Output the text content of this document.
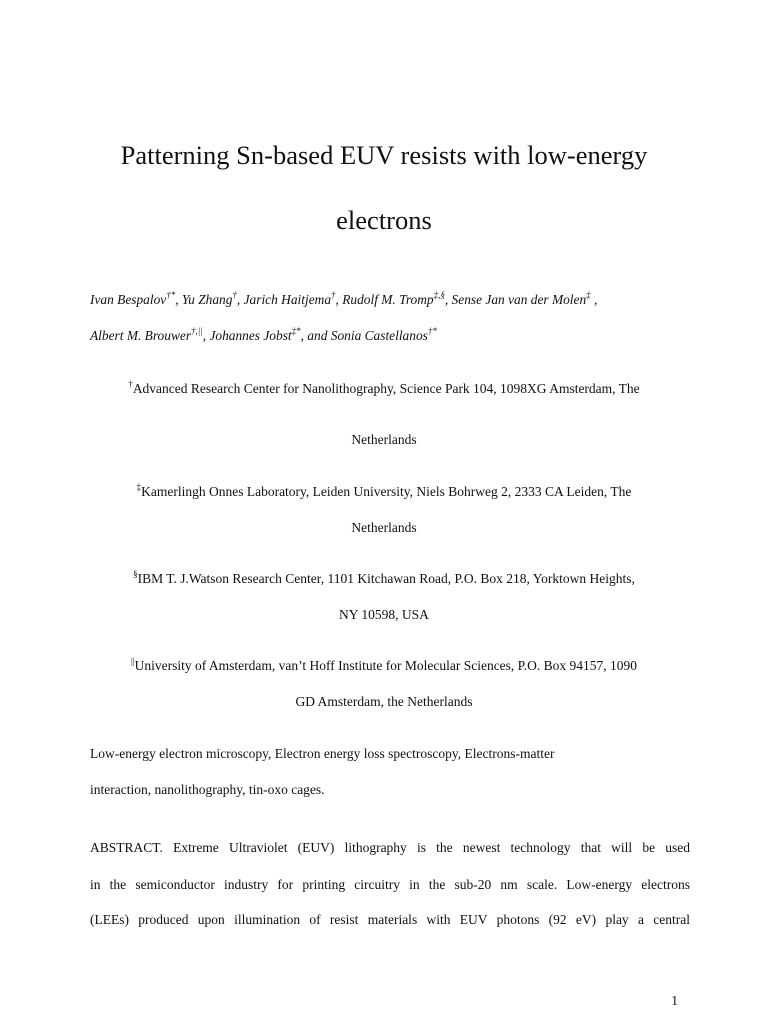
Patterning Sn-based EUV resists with low-energy
electrons
Ivan Bespalov†*, Yu Zhang†, Jarich Haitjema†, Rudolf M. Tromp‡,§, Sense Jan van der Molen‡ ,
Albert M. Brouwer†,||, Johannes Jobst‡*, and Sonia Castellanos†*
†Advanced Research Center for Nanolithography, Science Park 104, 1098XG Amsterdam, The
Netherlands
‡Kamerlingh Onnes Laboratory, Leiden University, Niels Bohrweg 2, 2333 CA Leiden, The
Netherlands
§IBM T. J.Watson Research Center, 1101 Kitchawan Road, P.O. Box 218, Yorktown Heights,
NY 10598, USA
||University of Amsterdam, van’t Hoff Institute for Molecular Sciences, P.O. Box 94157, 1090
GD Amsterdam, the Netherlands
Low-energy electron microscopy, Electron energy loss spectroscopy, Electrons-matter
interaction, nanolithography, tin-oxo cages.
ABSTRACT. Extreme Ultraviolet (EUV) lithography is the newest technology that will be used
in the semiconductor industry for printing circuitry in the sub-20 nm scale. Low-energy electrons
(LEEs) produced upon illumination of resist materials with EUV photons (92 eV) play a central
1
